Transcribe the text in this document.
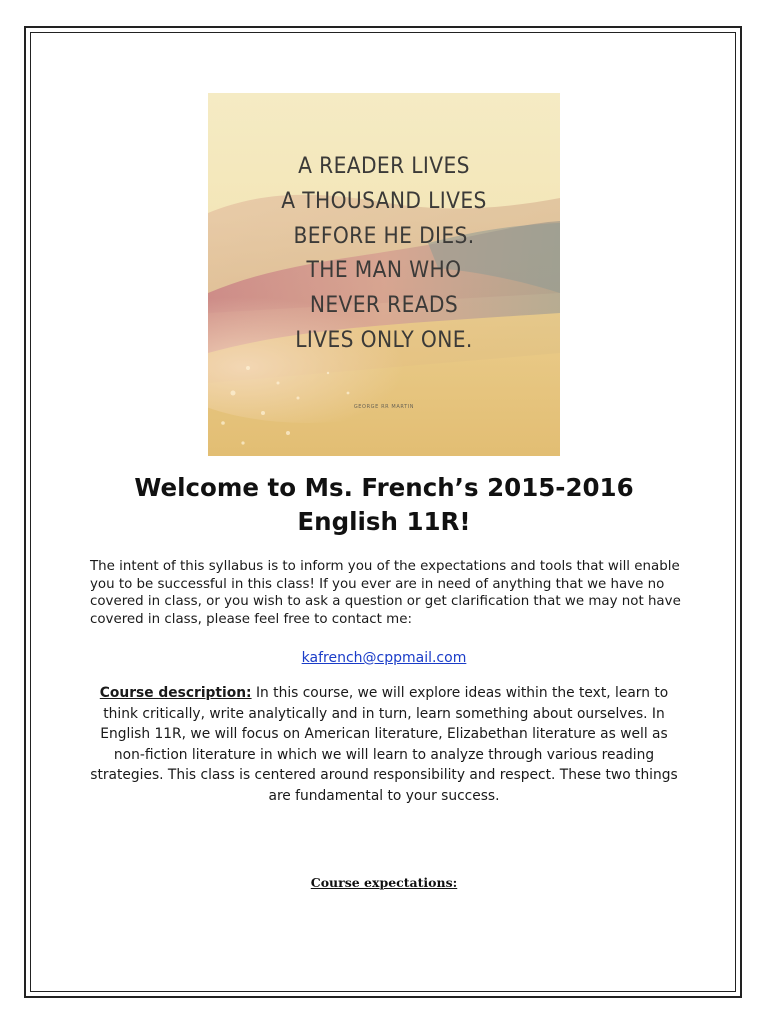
A READER LIVES
A THOUSAND LIVES
BEFORE HE DIES.
THE MAN WHO
NEVER READS
LIVES ONLY ONE.
GEORGE RR MARTIN
Welcome to Ms. French’s 2015-2016
English 11R!

The intent of this syllabus is to inform you of the expectations and tools that will enable you to be successful in this class! If you ever are in need of anything that we have no covered in class, or you wish to ask a question or get clarification that we may not have covered in class, please feel free to contact me:

kafrench@cppmail.com

Course description: In this course, we will explore ideas within the text, learn to think critically, write analytically and in turn, learn something about ourselves. In English 11R, we will focus on American literature, Elizabethan literature as well as non-fiction literature in which we will learn to analyze through various reading strategies. This class is centered around responsibility and respect. These two things are fundamental to your success.

Course expectations:
